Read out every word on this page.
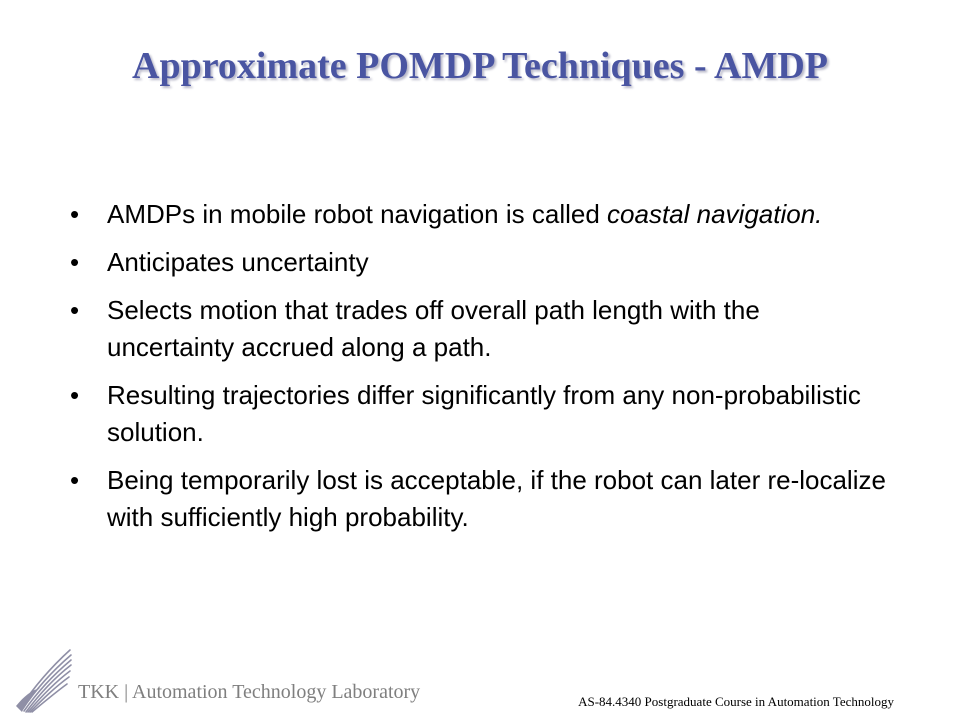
Approximate POMDP Techniques - AMDP
• AMDPs in mobile robot navigation is called coastal navigation.
• Anticipates uncertainty
• Selects motion that trades off overall path length with the uncertainty accrued along a path.
• Resulting trajectories differ significantly from any non-probabilistic solution.
• Being temporarily lost is acceptable, if the robot can later re-localize with sufficiently high probability.
TKK | Automation Technology Laboratory	AS-84.4340 Postgraduate Course in Automation Technology
